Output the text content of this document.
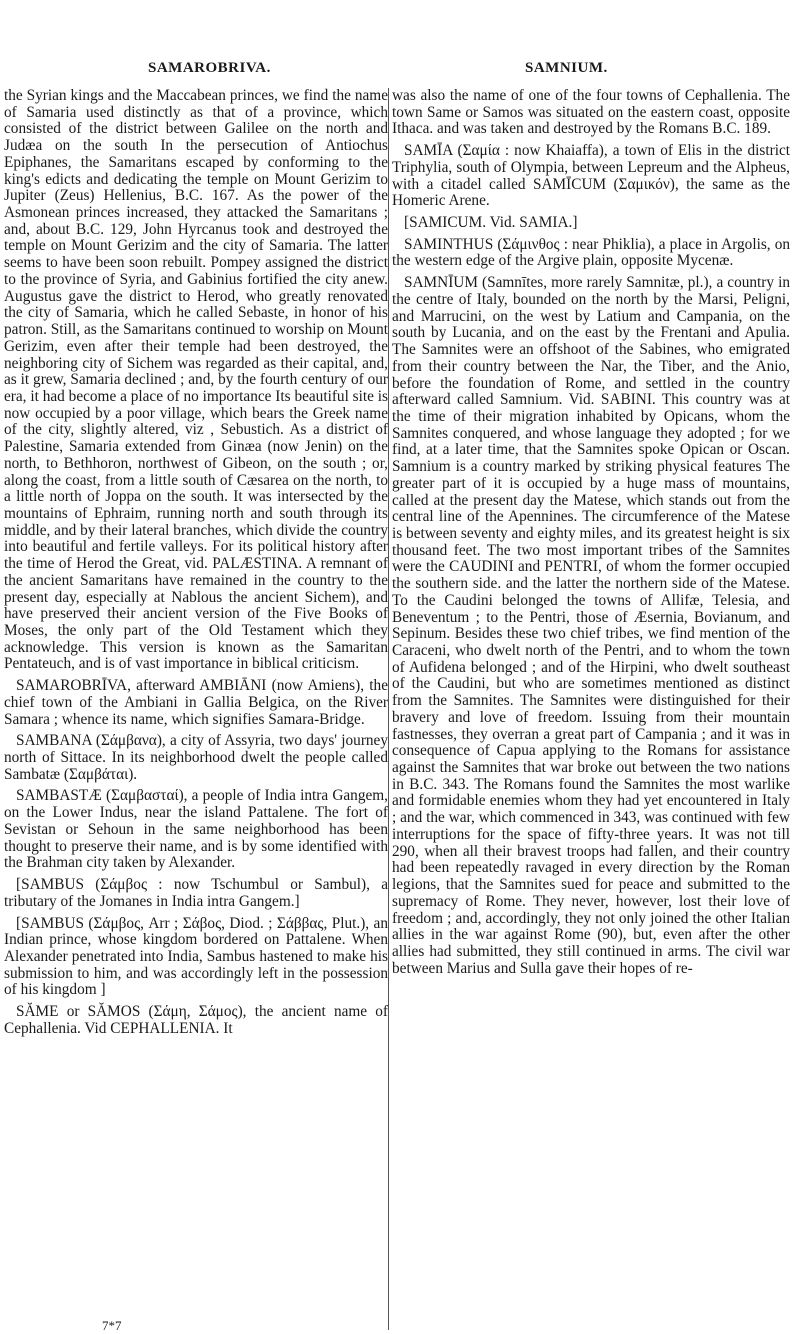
SAMAROBRIVA.	SAMNIUM.

the Syrian kings and the Maccabean princes, we find the name of Samaria used distinctly as that of a province, which consisted of the district between Galilee on the north and Judæa on the south In the persecution of Antiochus Epiphanes, the Samaritans escaped by conforming to the king's edicts and dedicating the temple on Mount Gerizim to Jupiter (Zeus) Hellenius, B.C. 167. As the power of the Asmonean princes increased, they attacked the Samaritans ; and, about B.C. 129, John Hyrcanus took and destroyed the temple on Mount Gerizim and the city of Samaria. The latter seems to have been soon rebuilt. Pompey assigned the district to the province of Syria, and Gabinius fortified the city anew. Augustus gave the district to Herod, who greatly renovated the city of Samaria, which he called Sebaste, in honor of his patron. Still, as the Samaritans continued to worship on Mount Gerizim, even after their temple had been destroyed, the neighboring city of Sichem was regarded as their capital, and, as it grew, Samaria declined ; and, by the fourth century of our era, it had become a place of no importance Its beautiful site is now occupied by a poor village, which bears the Greek name of the city, slightly altered, viz , Sebustich. As a district of Palestine, Samaria extended from Ginæa (now Jenin) on the north, to Bethhoron, northwest of Gibeon, on the south ; or, along the coast, from a little south of Cæsarea on the north, to a little north of Joppa on the south. It was intersected by the mountains of Ephraim, running north and south through its middle, and by their lateral branches, which divide the country into beautiful and fertile valleys. For its political history after the time of Herod the Great, vid. PALÆSTINA. A remnant of the ancient Samaritans have remained in the country to the present day, especially at Nablous the ancient Sichem), and have preserved their ancient version of the Five Books of Moses, the only part of the Old Testament which they acknowledge. This version is known as the Samaritan Pentateuch, and is of vast importance in biblical criticism.

SAMAROBRĪVA, afterward AMBIĀNI (now Amiens), the chief town of the Ambiani in Gallia Belgica, on the River Samara ; whence its name, which signifies Samara-Bridge.

SAMBANA (Σάμβανα), a city of Assyria, two days' journey north of Sittace. In its neighborhood dwelt the people called Sambatæ (Σαμβάται).

SAMBASTÆ (Σαμβασταί), a people of India intra Gangem, on the Lower Indus, near the island Pattalene. The fort of Sevistan or Sehoun in the same neighborhood has been thought to preserve their name, and is by some identified with the Brahman city taken by Alexander.

[SAMBUS (Σάμβος : now Tschumbul or Sambul), a tributary of the Jomanes in India intra Gangem.]

[SAMBUS (Σάμβος, Arr ; Σάβος, Diod. ; Σάββας, Plut.), an Indian prince, whose kingdom bordered on Pattalene. When Alexander penetrated into India, Sambus hastened to make his submission to him, and was accordingly left in the possession of his kingdom ]

SĂME or SĂMOS (Σάμη, Σάμος), the ancient name of Cephallenia. Vid CEPHALLENIA. It

was also the name of one of the four towns of Cephallenia. The town Same or Samos was situated on the eastern coast, opposite Ithaca. and was taken and destroyed by the Romans B.C. 189.

SAMĪA (Σαμία : now Khaiaffa), a town of Elis in the district Triphylia, south of Olympia, between Lepreum and the Alpheus, with a citadel called SAMĪCUM (Σαμικόν), the same as the Homeric Arene.

[SAMICUM. Vid. SAMIA.]

SAMINTHUS (Σάμινθος : near Phiklia), a place in Argolis, on the western edge of the Argive plain, opposite Mycenæ.

SAMNĪUM (Samnītes, more rarely Samnitæ, pl.), a country in the centre of Italy, bounded on the north by the Marsi, Peligni, and Marrucini, on the west by Latium and Campania, on the south by Lucania, and on the east by the Frentani and Apulia. The Samnites were an offshoot of the Sabines, who emigrated from their country between the Nar, the Tiber, and the Anio, before the foundation of Rome, and settled in the country afterward called Samnium. Vid. SABINI. This country was at the time of their migration inhabited by Opicans, whom the Samnites conquered, and whose language they adopted ; for we find, at a later time, that the Samnites spoke Opican or Oscan. Samnium is a country marked by striking physical features The greater part of it is occupied by a huge mass of mountains, called at the present day the Matese, which stands out from the central line of the Apennines. The circumference of the Matese is between seventy and eighty miles, and its greatest height is six thousand feet. The two most important tribes of the Samnites were the CAUDINI and PENTRI, of whom the former occupied the southern side. and the latter the northern side of the Matese. To the Caudini belonged the towns of Allifæ, Telesia, and Beneventum ; to the Pentri, those of Æsernia, Bovianum, and Sepinum. Besides these two chief tribes, we find mention of the Caraceni, who dwelt north of the Pentri, and to whom the town of Aufidena belonged ; and of the Hirpini, who dwelt southeast of the Caudini, but who are sometimes mentioned as distinct from the Samnites. The Samnites were distinguished for their bravery and love of freedom. Issuing from their mountain fastnesses, they overran a great part of Campania ; and it was in consequence of Capua applying to the Romans for assistance against the Samnites that war broke out between the two nations in B.C. 343. The Romans found the Samnites the most warlike and formidable enemies whom they had yet encountered in Italy ; and the war, which commenced in 343, was continued with few interruptions for the space of fifty-three years. It was not till 290, when all their bravest troops had fallen, and their country had been repeatedly ravaged in every direction by the Roman legions, that the Samnites sued for peace and submitted to the supremacy of Rome. They never, however, lost their love of freedom ; and, accordingly, they not only joined the other Italian allies in the war against Rome (90), but, even after the other allies had submitted, they still continued in arms. The civil war between Marius and Sulla gave their hopes of re-

7*7
